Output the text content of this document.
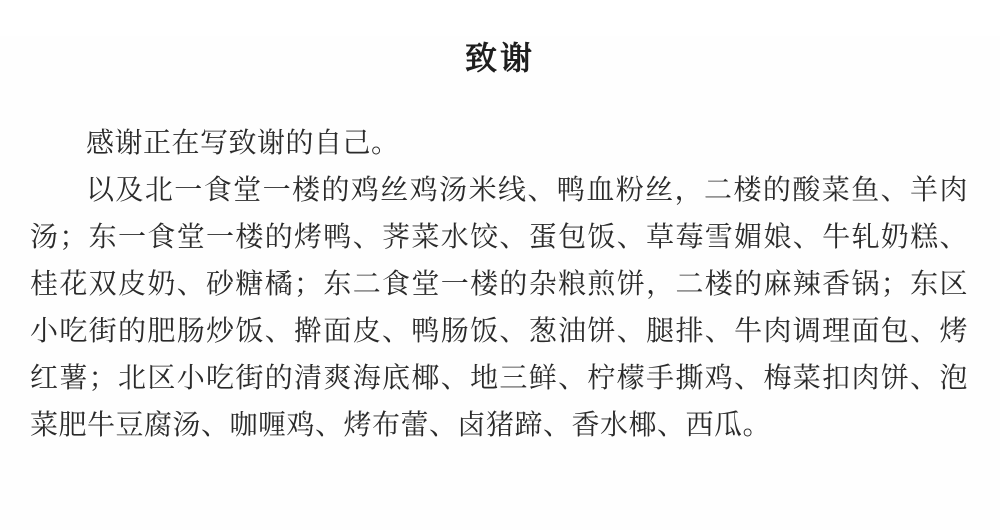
致谢

感谢正在写致谢的自己。

以及北一食堂一楼的鸡丝鸡汤米线、鸭血粉丝，二楼的酸菜鱼、羊肉汤；东一食堂一楼的烤鸭、荠菜水饺、蛋包饭、草莓雪媚娘、牛轧奶糕、桂花双皮奶、砂糖橘；东二食堂一楼的杂粮煎饼，二楼的麻辣香锅；东区小吃街的肥肠炒饭、擀面皮、鸭肠饭、葱油饼、腿排、牛肉调理面包、烤红薯；北区小吃街的清爽海底椰、地三鲜、柠檬手撕鸡、梅菜扣肉饼、泡菜肥牛豆腐汤、咖喱鸡、烤布蕾、卤猪蹄、香水椰、西瓜。
